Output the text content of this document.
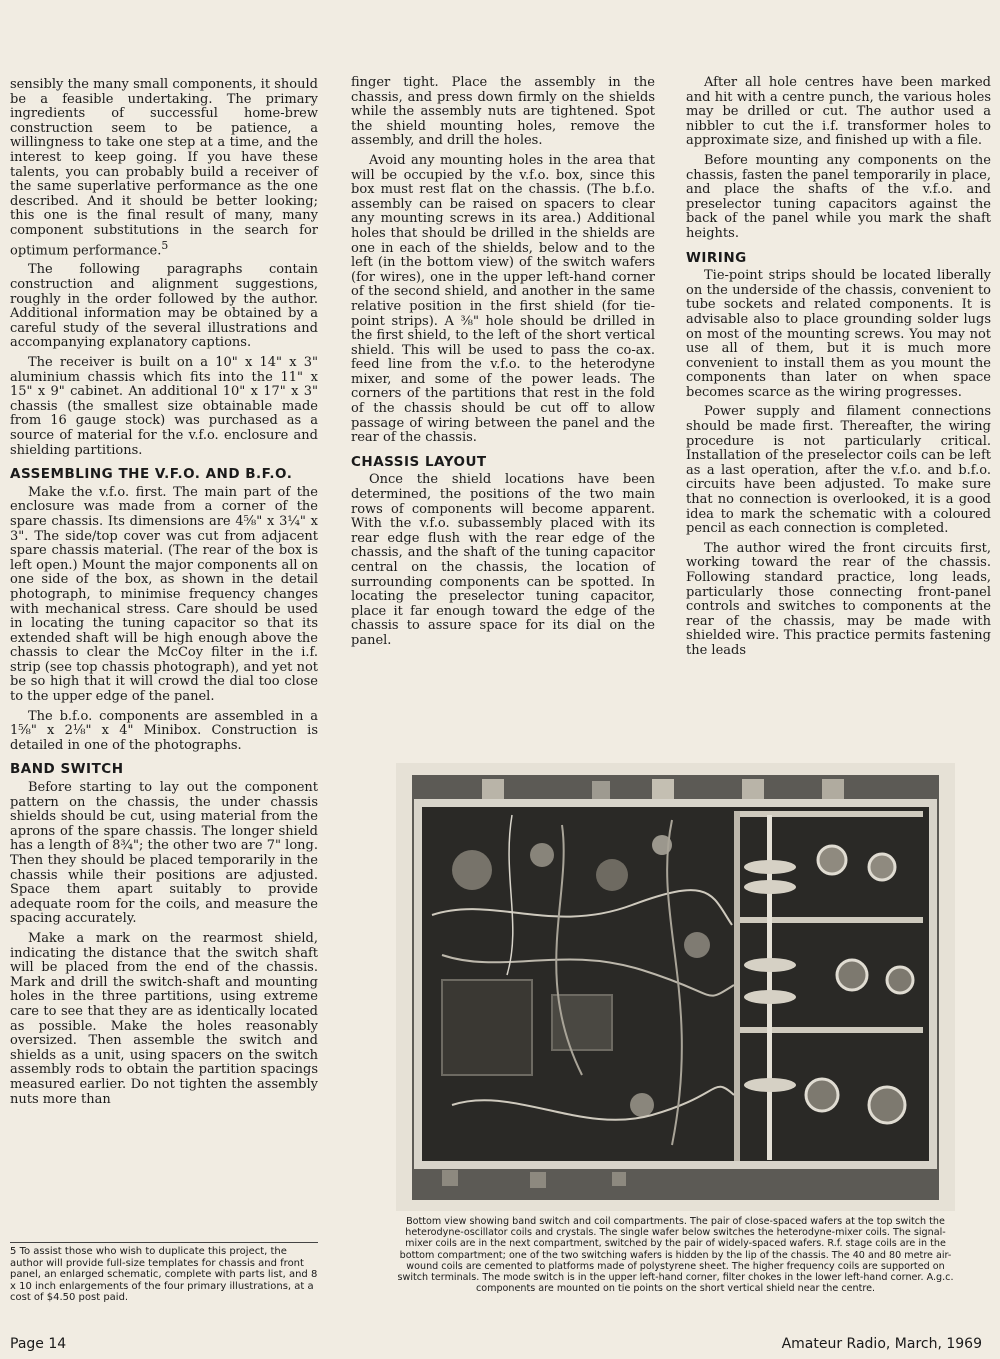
sensibly the many small components, it should be a feasible undertaking. The primary ingredients of successful home-brew construction seem to be patience, a willingness to take one step at a time, and the interest to keep going. If you have these talents, you can probably build a receiver of the same superlative performance as the one described. And it should be better looking; this one is the final result of many, many component substitutions in the search for optimum performance.$^5$

The following paragraphs contain construction and alignment suggestions, roughly in the order followed by the author. Additional information may be obtained by a careful study of the several illustrations and accompanying explanatory captions.

The receiver is built on a 10" x 14" x 3" aluminium chassis which fits into the 11" x 15" x 9" cabinet. An additional 10" x 17" x 3" chassis (the smallest size obtainable made from 16 gauge stock) was purchased as a source of material for the v.f.o. enclosure and shielding partitions.

ASSEMBLING THE V.F.O. AND B.F.O.

Make the v.f.o. first. The main part of the enclosure was made from a corner of the spare chassis. Its dimensions are 4⅝" x 3¼" x 3". The side/top cover was cut from adjacent spare chassis material. (The rear of the box is left open.) Mount the major components all on one side of the box, as shown in the detail photograph, to minimise frequency changes with mechanical stress. Care should be used in locating the tuning capacitor so that its extended shaft will be high enough above the chassis to clear the McCoy filter in the i.f. strip (see top chassis photograph), and yet not be so high that it will crowd the dial too close to the upper edge of the panel.

The b.f.o. components are assembled in a 1⅝" x 2⅛" x 4" Minibox. Construction is detailed in one of the photographs.

BAND SWITCH

Before starting to lay out the component pattern on the chassis, the under chassis shields should be cut, using material from the aprons of the spare chassis. The longer shield has a length of 8¾"; the other two are 7" long. Then they should be placed temporarily in the chassis while their positions are adjusted. Space them apart suitably to provide adequate room for the coils, and measure the spacing accurately.

Make a mark on the rearmost shield, indicating the distance that the switch shaft will be placed from the end of the chassis. Mark and drill the switch-shaft and mounting holes in the three partitions, using extreme care to see that they are as identically located as possible. Make the holes reasonably oversized. Then assemble the switch and shields as a unit, using spacers on the switch assembly rods to obtain the partition spacings measured earlier. Do not tighten the assembly nuts more than

5 To assist those who wish to duplicate this project, the author will provide full-size templates for chassis and front panel, an enlarged schematic, complete with parts list, and 8 x 10 inch enlargements of the four primary illustrations, at a cost of $4.50 post paid.

finger tight. Place the assembly in the chassis, and press down firmly on the shields while the assembly nuts are tightened. Spot the shield mounting holes, remove the assembly, and drill the holes.

Avoid any mounting holes in the area that will be occupied by the v.f.o. box, since this box must rest flat on the chassis. (The b.f.o. assembly can be raised on spacers to clear any mounting screws in its area.) Additional holes that should be drilled in the shields are one in each of the shields, below and to the left (in the bottom view) of the switch wafers (for wires), one in the upper left-hand corner of the second shield, and another in the same relative position in the first shield (for tie-point strips). A ⅜" hole should be drilled in the first shield, to the left of the short vertical shield. This will be used to pass the co-ax. feed line from the v.f.o. to the heterodyne mixer, and some of the power leads. The corners of the partitions that rest in the fold of the chassis should be cut off to allow passage of wiring between the panel and the rear of the chassis.

CHASSIS LAYOUT

Once the shield locations have been determined, the positions of the two main rows of components will become apparent. With the v.f.o. subassembly placed with its rear edge flush with the rear edge of the chassis, and the shaft of the tuning capacitor central on the chassis, the location of surrounding components can be spotted. In locating the preselector tuning capacitor, place it far enough toward the edge of the chassis to assure space for its dial on the panel.

After all hole centres have been marked and hit with a centre punch, the various holes may be drilled or cut. The author used a nibbler to cut the i.f. transformer holes to approximate size, and finished up with a file.

Before mounting any components on the chassis, fasten the panel temporarily in place, and place the shafts of the v.f.o. and preselector tuning capacitors against the back of the panel while you mark the shaft heights.

WIRING

Tie-point strips should be located liberally on the underside of the chassis, convenient to tube sockets and related components. It is advisable also to place grounding solder lugs on most of the mounting screws. You may not use all of them, but it is much more convenient to install them as you mount the components than later on when space becomes scarce as the wiring progresses.

Power supply and filament connections should be made first. Thereafter, the wiring procedure is not particularly critical. Installation of the preselector coils can be left as a last operation, after the v.f.o. and b.f.o. circuits have been adjusted. To make sure that no connection is overlooked, it is a good idea to mark the schematic with a coloured pencil as each connection is completed.

The author wired the front circuits first, working toward the rear of the chassis. Following standard practice, long leads, particularly those connecting front-panel controls and switches to components at the rear of the chassis, may be made with shielded wire. This practice permits fastening the leads

Bottom view showing band switch and coil compartments. The pair of close-spaced wafers at the top switch the heterodyne-oscillator coils and crystals. The single wafer below switches the heterodyne-mixer coils. The signal-mixer coils are in the next compartment, switched by the pair of widely-spaced wafers. R.f. stage coils are in the bottom compartment; one of the two switching wafers is hidden by the lip of the chassis. The 40 and 80 metre air-wound coils are cemented to platforms made of polystyrene sheet. The higher frequency coils are supported on switch terminals. The mode switch is in the upper left-hand corner, filter chokes in the lower left-hand corner. A.g.c. components are mounted on tie points on the short vertical shield near the centre.
Page 14	Amateur Radio, March, 1969
